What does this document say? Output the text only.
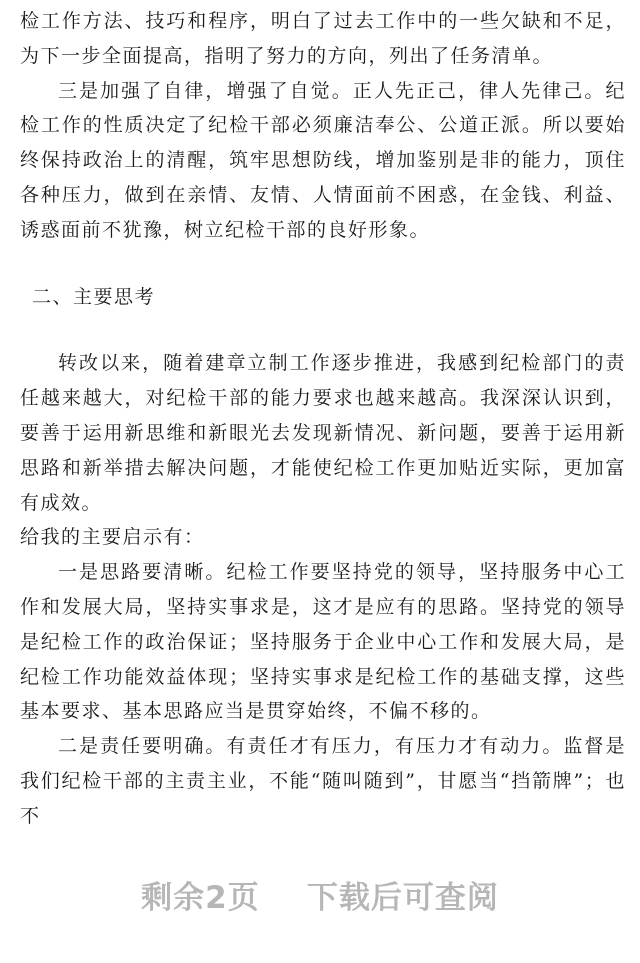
检工作方法、技巧和程序，明白了过去工作中的一些欠缺和不足，为下一步全面提高，指明了努力的方向，列出了任务清单。

三是加强了自律，增强了自觉。正人先正己，律人先律己。纪检工作的性质决定了纪检干部必须廉洁奉公、公道正派。所以要始终保持政治上的清醒，筑牢思想防线，增加鉴别是非的能力，顶住各种压力，做到在亲情、友情、人情面前不困惑，在金钱、利益、诱惑面前不犹豫，树立纪检干部的良好形象。

二、主要思考

转改以来，随着建章立制工作逐步推进，我感到纪检部门的责任越来越大，对纪检干部的能力要求也越来越高。我深深认识到，要善于运用新思维和新眼光去发现新情况、新问题，要善于运用新思路和新举措去解决问题，才能使纪检工作更加贴近实际，更加富有成效。

给我的主要启示有：

一是思路要清晰。纪检工作要坚持党的领导，坚持服务中心工作和发展大局，坚持实事求是，这才是应有的思路。坚持党的领导是纪检工作的政治保证；坚持服务于企业中心工作和发展大局，是纪检工作功能效益体现；坚持实事求是纪检工作的基础支撑，这些基本要求、基本思路应当是贯穿始终，不偏不移的。

二是责任要明确。有责任才有压力，有压力才有动力。监督是我们纪检干部的主责主业，不能“随叫随到”，甘愿当“挡箭牌”；也不

剩余2页 下载后可查阅
